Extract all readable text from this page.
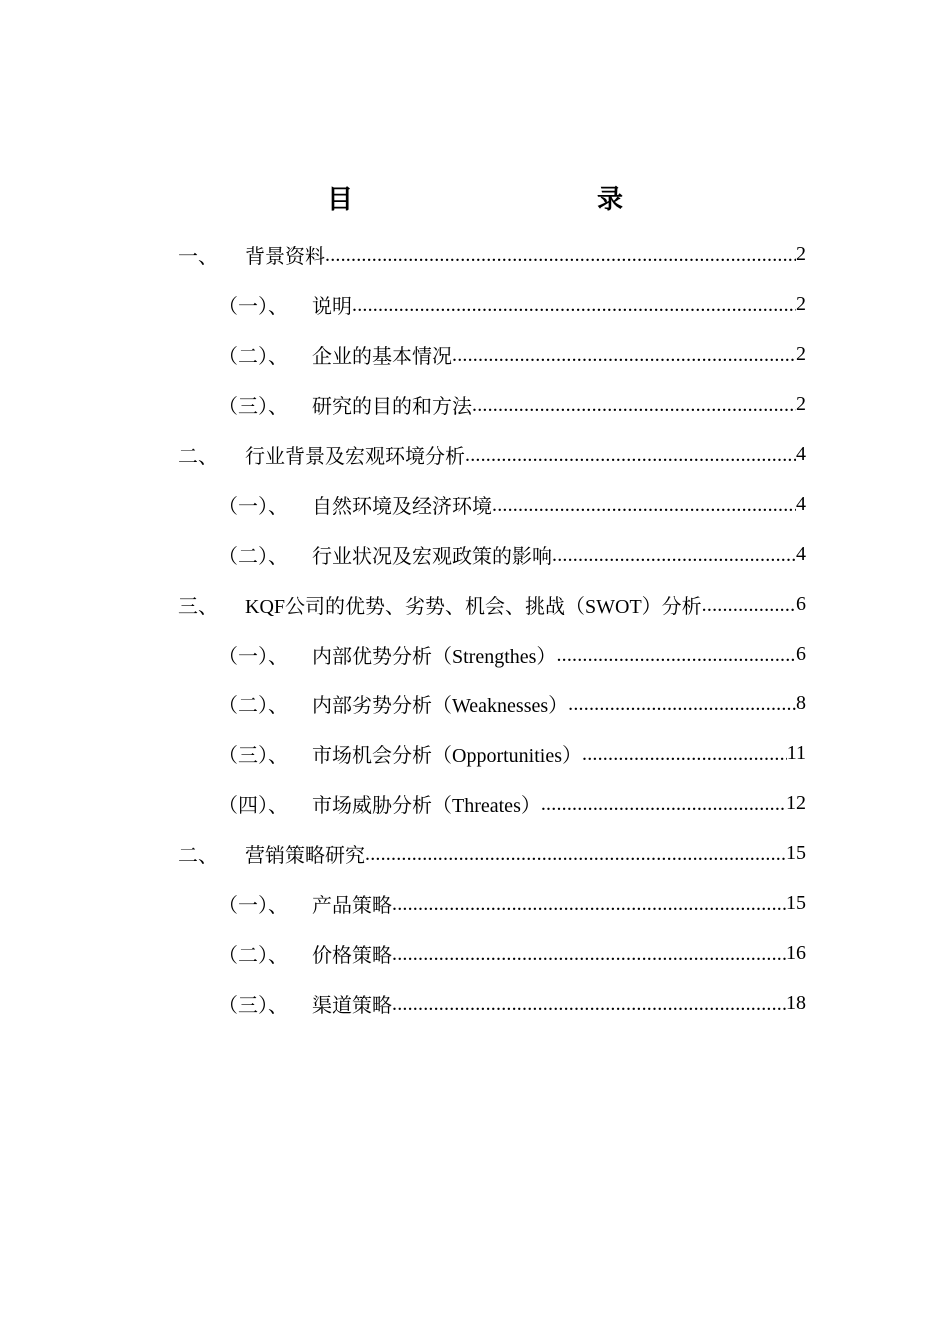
目　　录
一、	背景资料 .....	2
（一）、	说明 .....	2
（二）、	企业的基本情况 .....	2
（三）、	研究的目的和方法 .....	2
二、	行业背景及宏观环境分析 .....	4
（一）、	自然环境及经济环境 .....	4
（二）、	行业状况及宏观政策的影响 .....	4
三、	KQF公司的优势、劣势、机会、挑战（SWOT）分析 .....	6
（一）、	内部优势分析（Strengthes） .....	6
（二）、	内部劣势分析（Weaknesses） .....	8
（三）、	市场机会分析（Opportunities） .....	11
（四）、	市场威胁分析（Threates） .....	12
二、	营销策略研究 .....	15
（一）、	产品策略 .....	15
（二）、	价格策略 .....	16
（三）、	渠道策略 .....	18
